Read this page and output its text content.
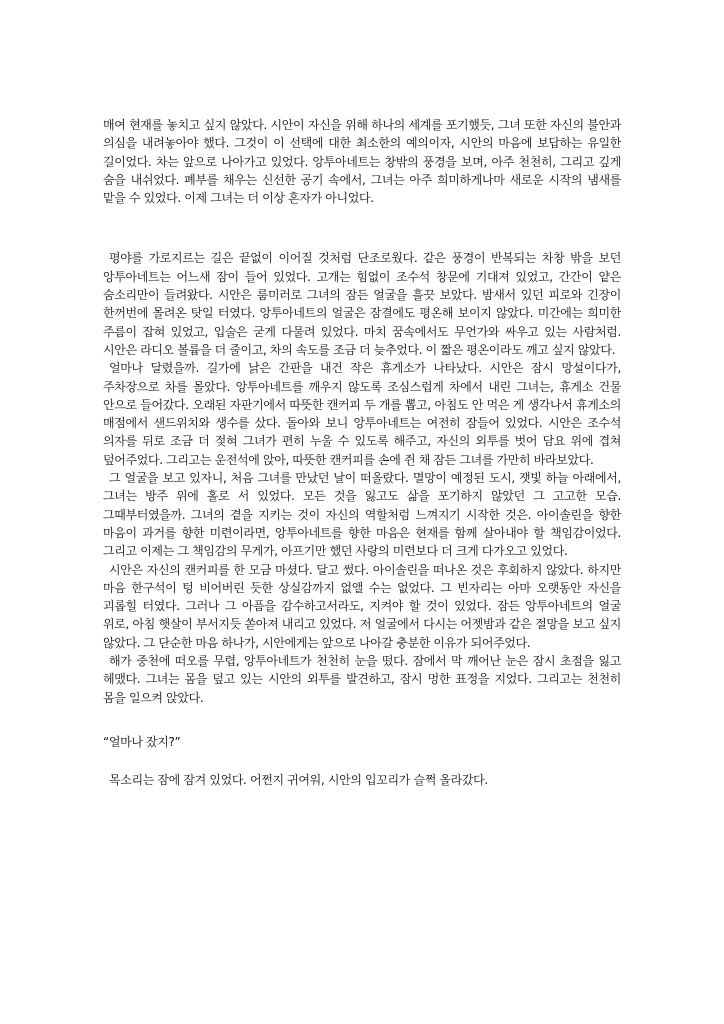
매여 현재를 놓치고 싶지 않았다. 시안이 자신을 위해 하나의 세계를 포기했듯, 그녀 또한 자신의 불안과 의심을 내려놓아야 했다. 그것이 이 선택에 대한 최소한의 예의이자, 시안의 마음에 보답하는 유일한 길이었다. 차는 앞으로 나아가고 있었다. 앙투아네트는 창밖의 풍경을 보며, 아주 천천히, 그리고 깊게 숨을 내쉬었다. 폐부를 채우는 신선한 공기 속에서, 그녀는 아주 희미하게나마 새로운 시작의 냄새를 맡을 수 있었다. 이제 그녀는 더 이상 혼자가 아니었다.

평야를 가로지르는 길은 끝없이 이어질 것처럼 단조로웠다. 같은 풍경이 반복되는 차창 밖을 보던 앙투아네트는 어느새 잠이 들어 있었다. 고개는 힘없이 조수석 창문에 기대져 있었고, 간간이 얕은 숨소리만이 들려왔다. 시안은 룸미러로 그녀의 잠든 얼굴을 흘끗 보았다. 밤새서 있던 피로와 긴장이 한꺼번에 몰려온 탓일 터였다. 앙투아네트의 얼굴은 잠결에도 평온해 보이지 않았다. 미간에는 희미한 주름이 잡혀 있었고, 입술은 굳게 다물려 있었다. 마치 꿈속에서도 무언가와 싸우고 있는 사람처럼. 시안은 라디오 볼륨을 더 줄이고, 차의 속도를 조금 더 늦추었다. 이 짧은 평온이라도 깨고 싶지 않았다.

얼마나 달렸을까. 길가에 낡은 간판을 내건 작은 휴게소가 나타났다. 시안은 잠시 망설이다가, 주차장으로 차를 몰았다. 앙투아네트를 깨우지 않도록 조심스럽게 차에서 내린 그녀는, 휴게소 건물 안으로 들어갔다. 오래된 자판기에서 따뜻한 캔커피 두 개를 뽑고, 아침도 안 먹은 게 생각나서 휴게소의 매점에서 샌드위치와 생수를 샀다. 돌아와 보니 앙투아네트는 여전히 잠들어 있었다. 시안은 조수석 의자를 뒤로 조금 더 젖혀 그녀가 편히 누울 수 있도록 해주고, 자신의 외투를 벗어 담요 위에 겹쳐 덮어주었다. 그리고는 운전석에 앉아, 따뜻한 캔커피를 손에 쥔 채 잠든 그녀를 가만히 바라보았다.

그 얼굴을 보고 있자니, 처음 그녀를 만났던 날이 떠올랐다. 멸망이 예정된 도시, 잿빛 하늘 아래에서, 그녀는 방주 위에 홀로 서 있었다. 모든 것을 잃고도 삶을 포기하지 않았던 그 고고한 모습. 그때부터였을까. 그녀의 곁을 지키는 것이 자신의 역할처럼 느껴지기 시작한 것은. 아이솔린을 향한 마음이 과거를 향한 미련이라면, 앙투아네트를 향한 마음은 현재를 함께 살아내야 할 책임감이었다. 그리고 이제는 그 책임감의 무게가, 아프기만 했던 사랑의 미련보다 더 크게 다가오고 있었다.

시안은 자신의 캔커피를 한 모금 마셨다. 달고 썼다. 아이솔린을 떠나온 것은 후회하지 않았다. 하지만 마음 한구석이 텅 비어버린 듯한 상실감까지 없앨 수는 없었다. 그 빈자리는 아마 오랫동안 자신을 괴롭힐 터였다. 그러나 그 아픔을 감수하고서라도, 지켜야 할 것이 있었다. 잠든 앙투아네트의 얼굴 위로, 아침 햇살이 부서지듯 쏟아져 내리고 있었다. 저 얼굴에서 다시는 어젯밤과 같은 절망을 보고 싶지 않았다. 그 단순한 마음 하나가, 시안에게는 앞으로 나아갈 충분한 이유가 되어주었다.

해가 중천에 떠오를 무렵, 앙투아네트가 천천히 눈을 떴다. 잠에서 막 깨어난 눈은 잠시 초점을 잃고 헤맸다. 그녀는 몸을 덮고 있는 시안의 외투를 발견하고, 잠시 멍한 표정을 지었다. 그리고는 천천히 몸을 일으켜 앉았다.

“얼마나 잤지?”

목소리는 잠에 잠겨 있었다. 어쩐지 귀여워, 시안의 입꼬리가 슬쩍 올라갔다.
